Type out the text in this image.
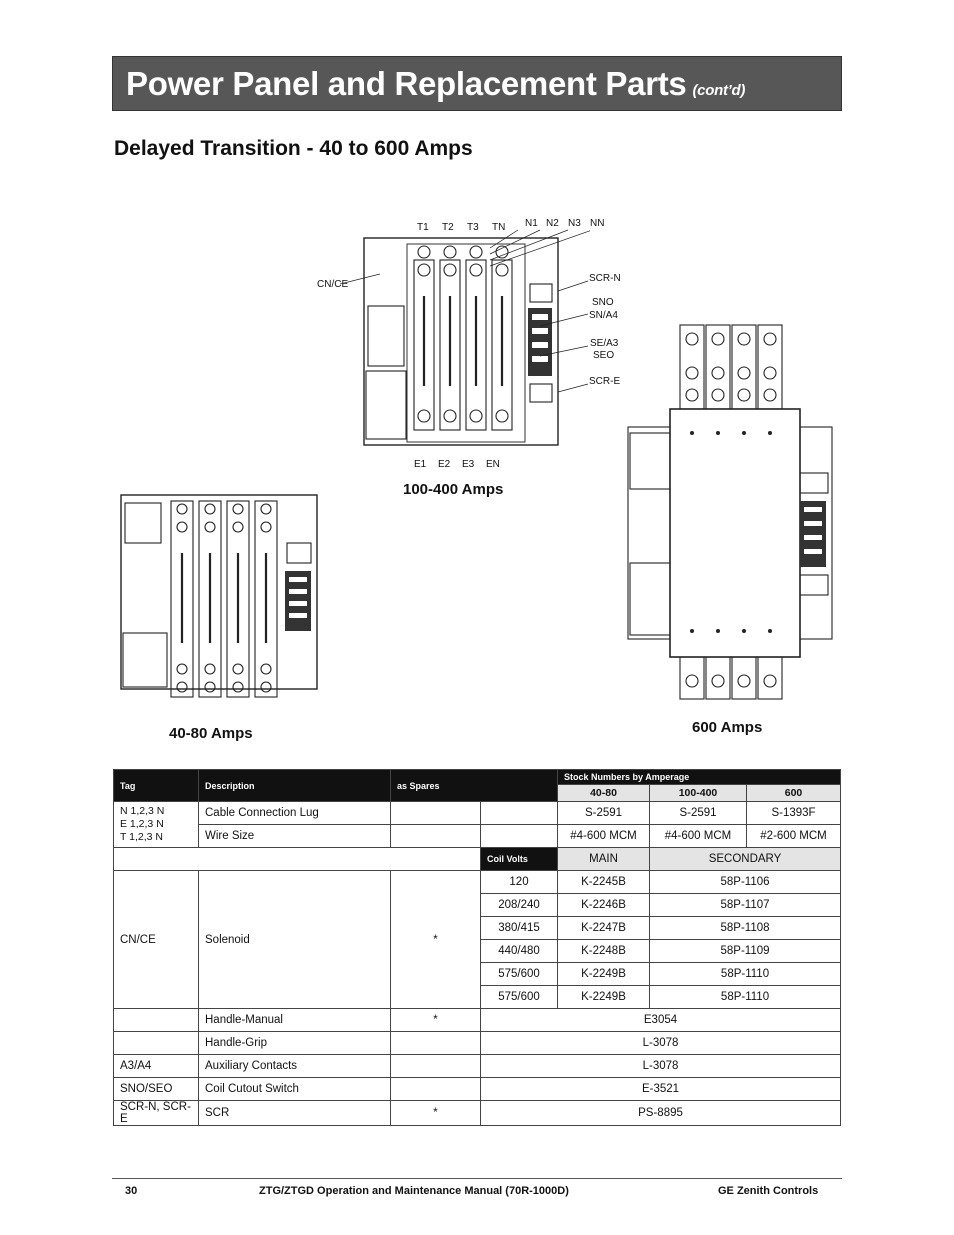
Power Panel and Replacement Parts (cont’d)
Delayed Transition - 40 to 600 Amps
T1 T2 T3 TN N1 N2 N3 NN
E1 E2 E3 EN
CN/CE
SCR-N
SNO
SN/A4
SE/A3
SEO
SCR-E
100-400 Amps
40-80 Amps	600 Amps
Tag	Description	as Spares		Stock Numbers by Amperage		
				40-80	100-400	600
N 1,2,3 N
E 1,2,3 N
T 1,2,3 N	Cable Connection Lug			S-2591	S-2591	S-1393F
	Wire Size			#4-600 MCM	#4-600 MCM	#2-600 MCM
			Coil Volts	MAIN	SECONDARY	
CN/CE	Solenoid	*	120	K-2245B	58P-1106	
			208/240	K-2246B	58P-1107	
			380/415	K-2247B	58P-1108	
			440/480	K-2248B	58P-1109	
			575/600	K-2249B	58P-1110	
			575/600	K-2249B	58P-1110	
	Handle-Manual	*	E3054			
	Handle-Grip		L-3078			
A3/A4	Auxiliary Contacts		L-3078			
SNO/SEO	Coil Cutout Switch		E-3521			
SCR-N, SCR-E	SCR	*	PS-8895			
30	ZTG/ZTGD Operation and Maintenance Manual (70R-1000D)	GE Zenith Controls
